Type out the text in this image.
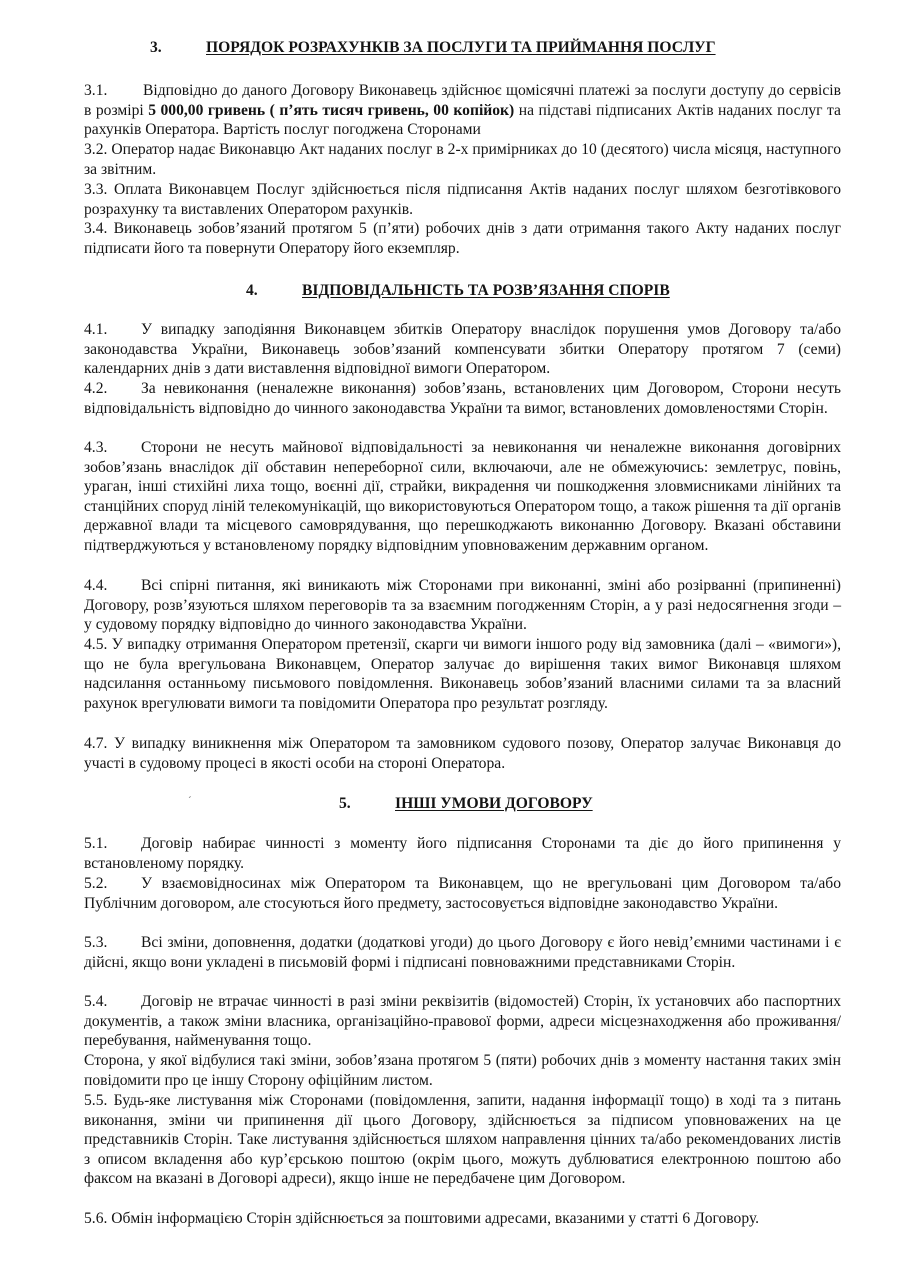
3.	ПОРЯДОК РОЗРАХУНКІВ ЗА ПОСЛУГИ ТА ПРИЙМАННЯ ПОСЛУГ

3.1. Відповідно до даного Договору Виконавець здійснює щомісячні платежі за послуги доступу до сервісів в розмірі 5 000,00 гривень ( п’ять тисяч гривень, 00 копійок) на підставі підписаних Актів наданих послуг та рахунків Оператора. Вартість послуг погоджена Сторонами

3.2. Оператор надає Виконавцю Акт наданих послуг в 2-х примірниках до 10 (десятого) числа місяця, наступного за звітним.

3.3. Оплата Виконавцем Послуг здійснюється після підписання Актів наданих послуг шляхом безготівкового розрахунку та виставлених Оператором рахунків.

3.4. Виконавець зобов’язаний протягом 5 (п’яти) робочих днів з дати отримання такого Акту наданих послуг підписати його та повернути Оператору його екземпляр.

4.	ВІДПОВІДАЛЬНІСТЬ ТА РОЗВ’ЯЗАННЯ СПОРІВ

4.1. У випадку заподіяння Виконавцем збитків Оператору внаслідок порушення умов Договору та/або законодавства України, Виконавець зобов’язаний компенсувати збитки Оператору протягом 7 (семи) календарних днів з дати виставлення відповідної вимоги Оператором.

4.2. За невиконання (неналежне виконання) зобов’язань, встановлених цим Договором, Сторони несуть відповідальність відповідно до чинного законодавства України та вимог, встановлених домовленостями Сторін.

4.3. Сторони не несуть майнової відповідальності за невиконання чи неналежне виконання договірних зобов’язань внаслідок дії обставин непереборної сили, включаючи, але не обмежуючись: землетрус, повінь, ураган, інші стихійні лиха тощо, воєнні дії, страйки, викрадення чи пошкодження зловмисниками лінійних та станційних споруд ліній телекомунікацій, що використовуються Оператором тощо, а також рішення та дії органів державної влади та місцевого самоврядування, що перешкоджають виконанню Договору. Вказані обставини підтверджуються у встановленому порядку відповідним уповноваженим державним органом.

4.4. Всі спірні питання, які виникають між Сторонами при виконанні, зміні або розірванні (припиненні) Договору, розв’язуються шляхом переговорів та за взаємним погодженням Сторін, а у разі недосягнення згоди – у судовому порядку відповідно до чинного законодавства України.

4.5. У випадку отримання Оператором претензії, скарги чи вимоги іншого роду від замовника (далі – «вимоги»), що не була врегульована Виконавцем, Оператор залучає до вирішення таких вимог Виконавця шляхом надсилання останньому письмового повідомлення. Виконавець зобов’язаний власними силами та за власний рахунок врегулювати вимоги та повідомити Оператора про результат розгляду.

4.7. У випадку виникнення між Оператором та замовником судового позову, Оператор залучає Виконавця до участі в судовому процесі в якості особи на стороні Оператора.

ˊ	5.	ІНШІ УМОВИ ДОГОВОРУ

5.1. Договір набирає чинності з моменту його підписання Сторонами та діє до його припинення у встановленому порядку.

5.2. У взаємовідносинах між Оператором та Виконавцем, що не врегульовані цим Договором та/або Публічним договором, але стосуються його предмету, застосовується відповідне законодавство України.

5.3. Всі зміни, доповнення, додатки (додаткові угоди) до цього Договору є його невід’ємними частинами і є дійсні, якщо вони укладені в письмовій формі і підписані повноважними представниками Сторін.

5.4. Договір не втрачає чинності в разі зміни реквізитів (відомостей) Сторін, їх установчих або паспортних документів, а також зміни власника, організаційно-правової форми, адреси місцезнаходження або проживання/перебування, найменування тощо.

Сторона, у якої відбулися такі зміни, зобов’язана протягом 5 (пяти) робочих днів з моменту настання таких змін повідомити про це іншу Сторону офіційним листом.

5.5. Будь-яке листування між Сторонами (повідомлення, запити, надання інформації тощо) в ході та з питань виконання, зміни чи припинення дії цього Договору, здійснюється за підписом уповноважених на це представників Сторін. Таке листування здійснюється шляхом направлення цінних та/або рекомендованих листів з описом вкладення або кур’єрською поштою (окрім цього, можуть дублюватися електронною поштою або факсом на вказані в Договорі адреси), якщо інше не передбачене цим Договором.

5.6. Обмін інформацією Сторін здійснюється за поштовими адресами, вказаними у статті 6 Договору.
